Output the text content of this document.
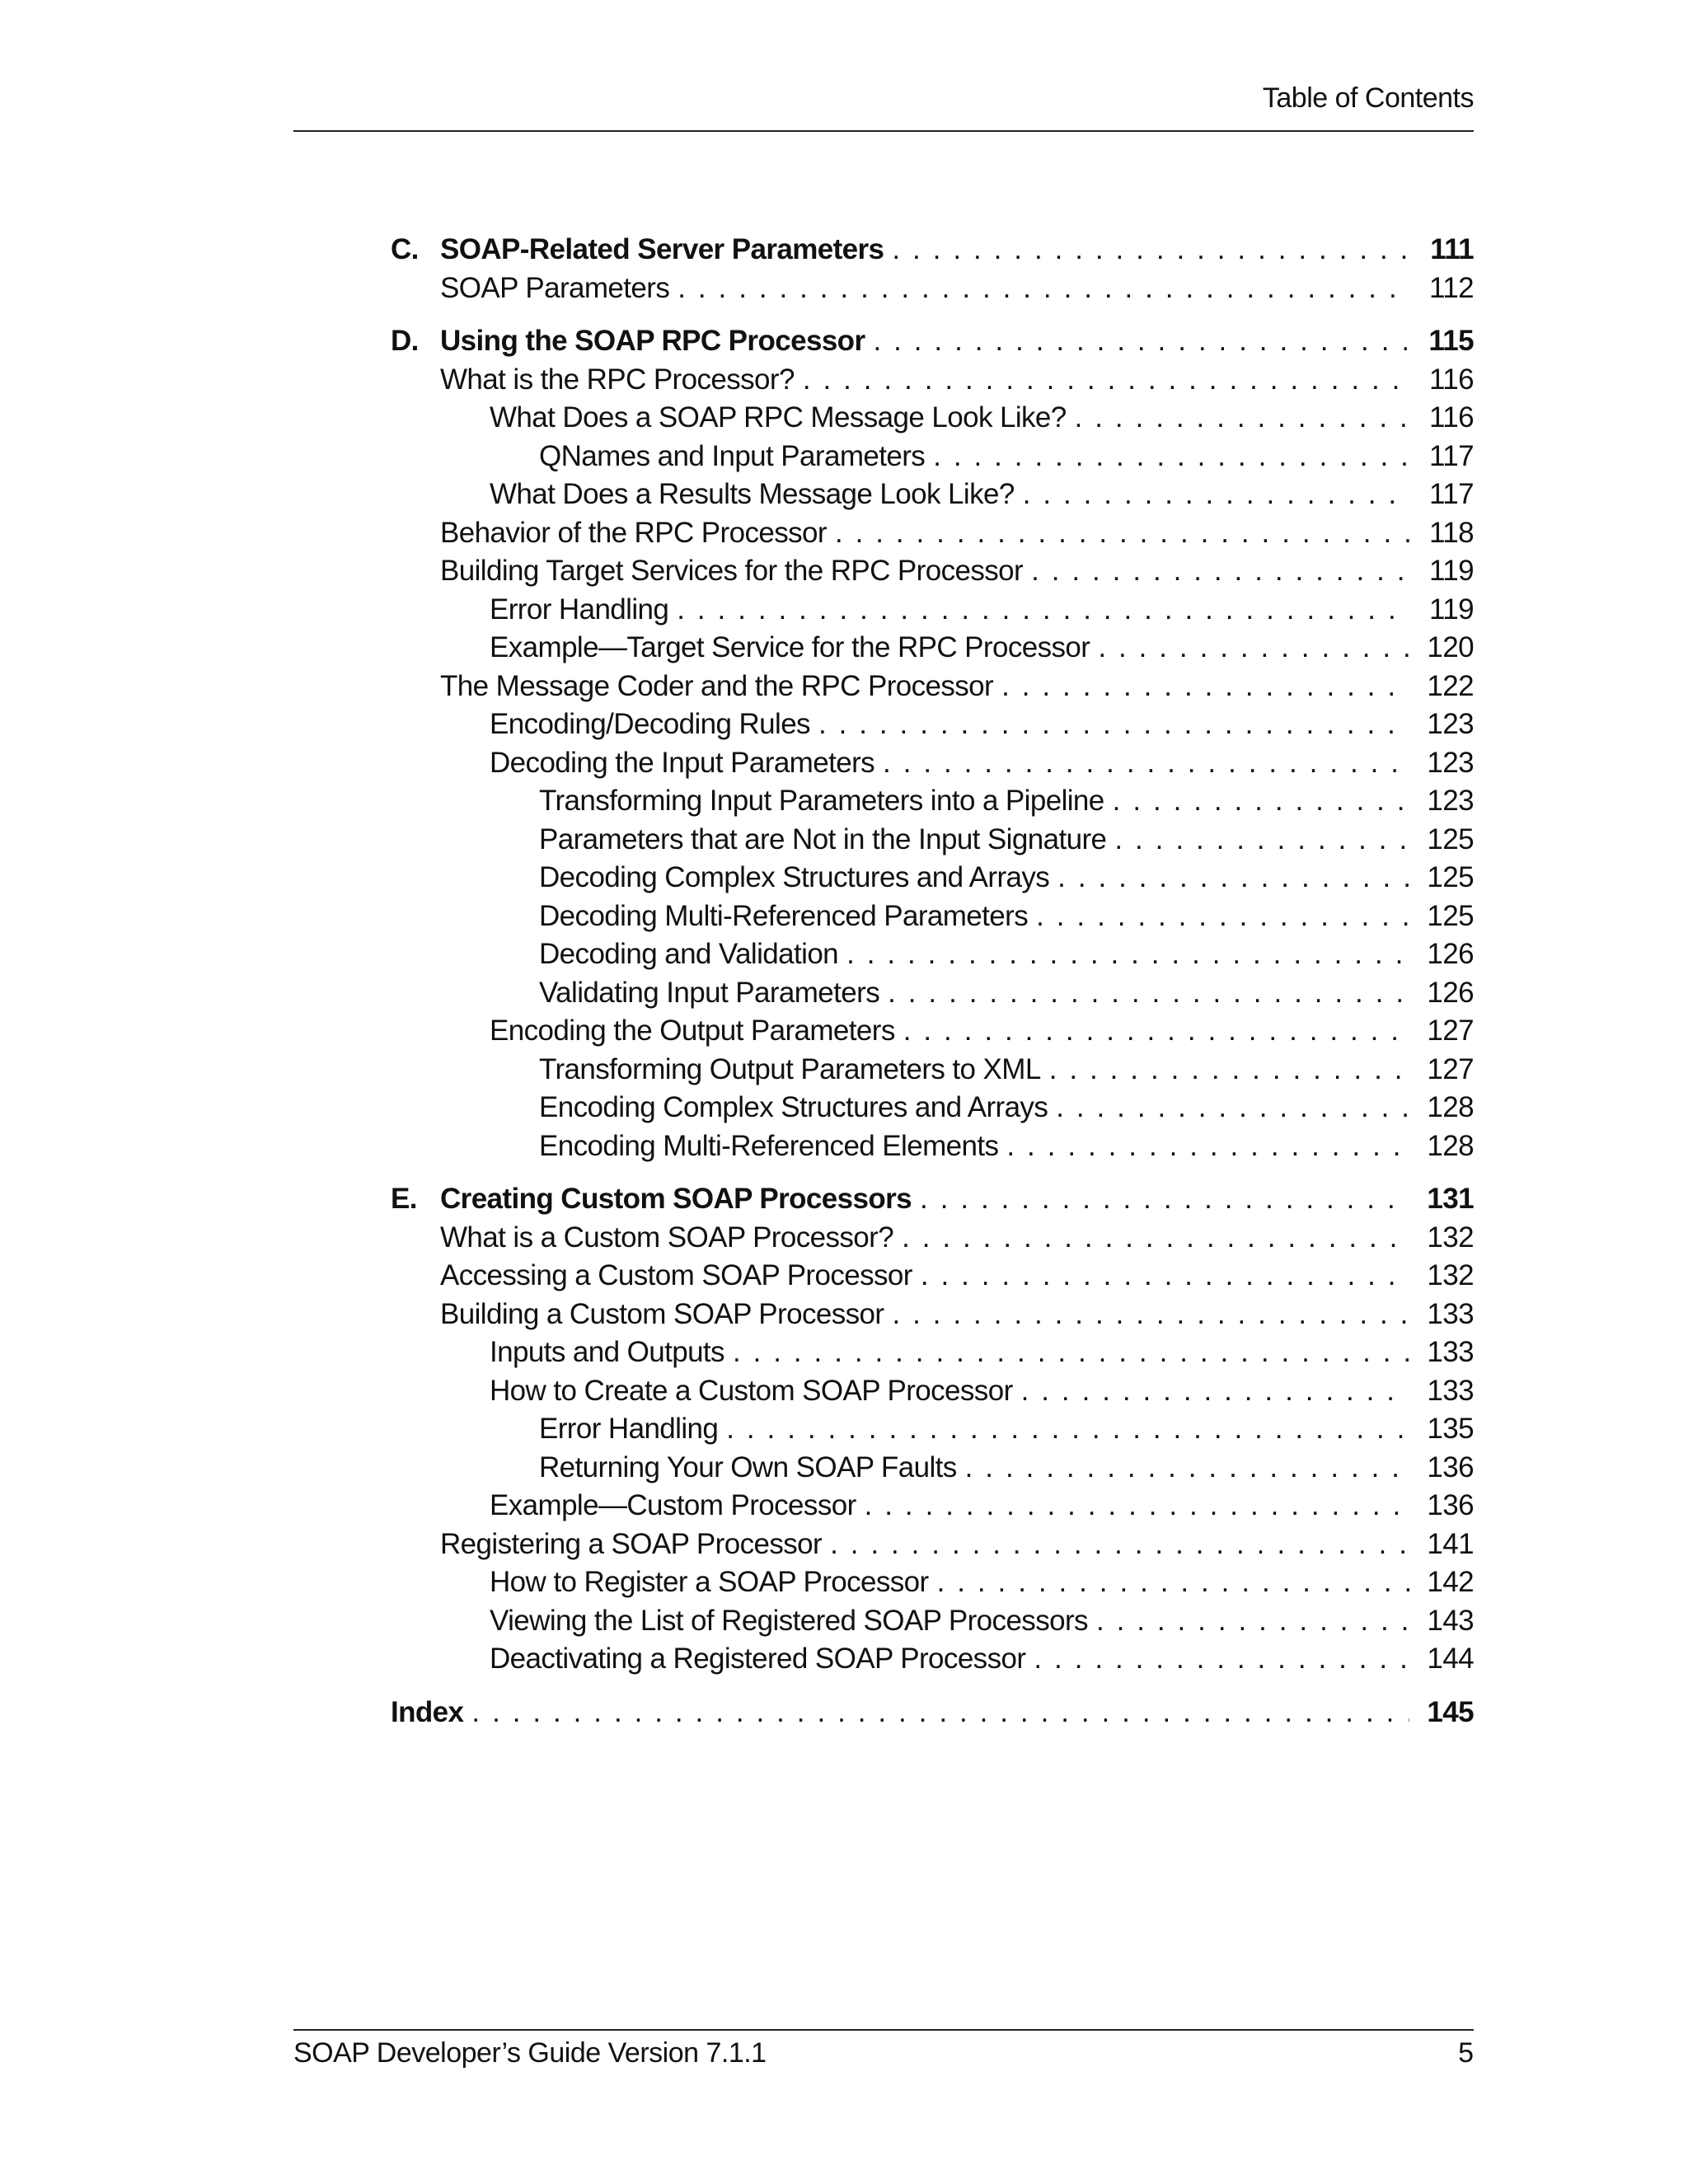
Table of Contents
C. SOAP-Related Server Parameters . . .	111
SOAP Parameters . . .	112
D. Using the SOAP RPC Processor . . .	115
What is the RPC Processor? . . .	116
What Does a SOAP RPC Message Look Like? . . .	116
QNames and Input Parameters . . .	117
What Does a Results Message Look Like? . . .	117
Behavior of the RPC Processor . . .	118
Building Target Services for the RPC Processor . . .	119
Error Handling . . .	119
Example—Target Service for the RPC Processor . . .	120
The Message Coder and the RPC Processor . . .	122
Encoding/Decoding Rules . . .	123
Decoding the Input Parameters . . .	123
Transforming Input Parameters into a Pipeline . . .	123
Parameters that are Not in the Input Signature . . .	125
Decoding Complex Structures and Arrays . . .	125
Decoding Multi-Referenced Parameters . . .	125
Decoding and Validation . . .	126
Validating Input Parameters . . .	126
Encoding the Output Parameters . . .	127
Transforming Output Parameters to XML . . .	127
Encoding Complex Structures and Arrays . . .	128
Encoding Multi-Referenced Elements . . .	128
E. Creating Custom SOAP Processors . . .	131
What is a Custom SOAP Processor? . . .	132
Accessing a Custom SOAP Processor . . .	132
Building a Custom SOAP Processor . . .	133
Inputs and Outputs . . .	133
How to Create a Custom SOAP Processor . . .	133
Error Handling . . .	135
Returning Your Own SOAP Faults . . .	136
Example—Custom Processor . . .	136
Registering a SOAP Processor . . .	141
How to Register a SOAP Processor . . .	142
Viewing the List of Registered SOAP Processors . . .	143
Deactivating a Registered SOAP Processor . . .	144
Index . . .	145
SOAP Developer’s Guide Version 7.1.1	5
